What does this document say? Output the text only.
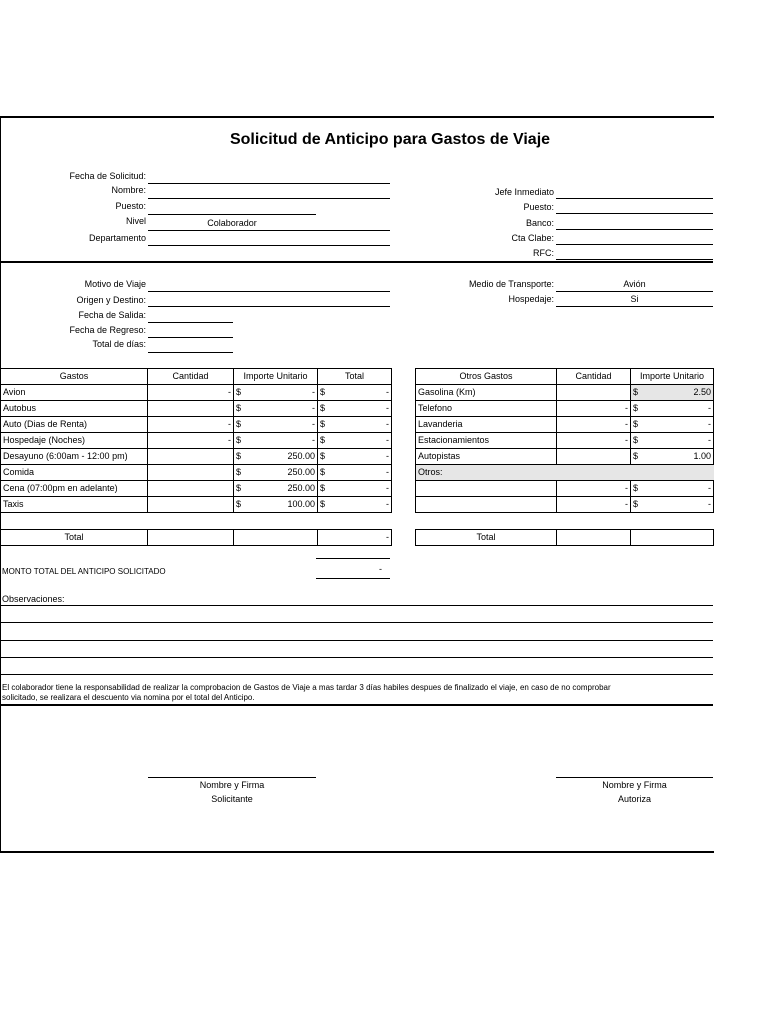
Solicitud de Anticipo para Gastos de Viaje
Fecha de Solicitud:
Nombre:
Puesto:
Nivel	Colaborador
Departamento
Jefe Inmediato
Puesto:
Banco:
Cta Clabe:
RFC:
Motivo de Viaje
Origen y Destino:
Fecha de Salida:
Fecha de Regreso:
Total de días:
Medio de Transporte:	Avión
Hospedaje:	Si
Gastos	Cantidad	Importe Unitario	Total
Avion	-	$ -	$ -

Autobus		$ -	$ -

Auto (Dias de Renta)	-	$ -	$ -

Hospedaje (Noches)	-	$ -	$ -

Desayuno (6:00am - 12:00 pm)		$ 250.00	$ -

Comida		$ 250.00	$ -

Cena (07:00pm en adelante)		$ 250.00	$ -

Taxis		$ 100.00	$ -
Total			-
Otros Gastos	Cantidad	Importe Unitario
Gasolina (Km)		$ 2.50

Telefono	-	$ -

Lavanderia	-	$ -

Estacionamientos	-	$ -

Autopistas		$ 1.00

Otros:		
	-	$ -

	-	$ -
Total		
MONTO TOTAL DEL ANTICIPO SOLICITADO	-
Observaciones:
El colaborador tiene la responsabilidad de realizar la comprobacion de Gastos de Viaje a mas tardar 3 días habiles despues de finalizado el viaje, en caso de no comprobar
solicitado, se realizara el descuento via nomina por el total del Anticipo.
Nombre y Firma
Solicitante
Nombre y Firma
Autoriza
